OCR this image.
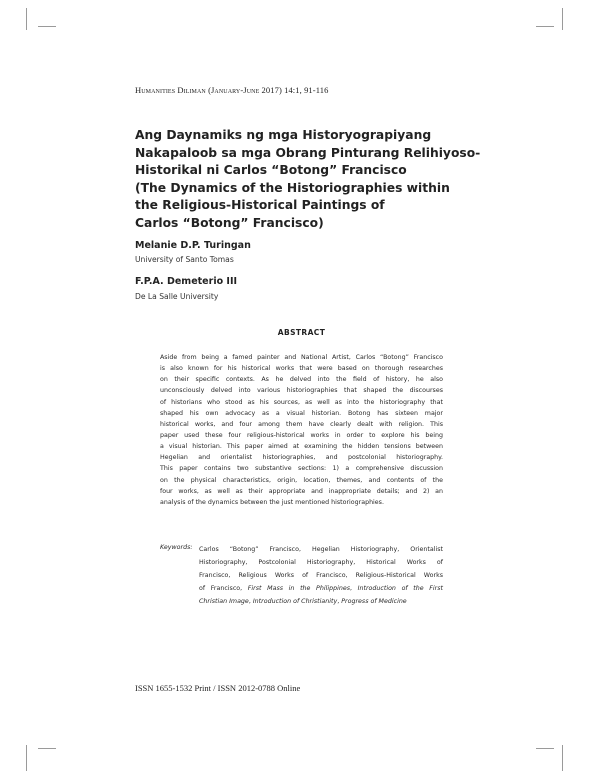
Humanities Diliman (January-June 2017) 14:1, 91-116
Ang Daynamiks ng mga Historyograpiyang
Nakapaloob sa mga Obrang Pinturang Relihiyoso-
Historikal ni Carlos “Botong” Francisco
(The Dynamics of the Historiographies within
the Religious-Historical Paintings of
Carlos “Botong” Francisco)
Melanie D.P. Turingan
University of Santo Tomas
F.P.A. Demeterio III
De La Salle University
ABSTRACT
Aside from being a famed painter and National Artist, Carlos “Botong” Francisco
is also known for his historical works that were based on thorough researches
on their specific contexts. As he delved into the field of history, he also
unconsciously delved into various historiographies that shaped the discourses
of historians who stood as his sources, as well as into the historiography that
shaped his own advocacy as a visual historian. Botong has sixteen major
historical works, and four among them have clearly dealt with religion. This
paper used these four religious-historical works in order to explore his being
a visual historian. This paper aimed at examining the hidden tensions between
Hegelian and orientalist historiographies, and postcolonial historiography.
This paper contains two substantive sections: 1) a comprehensive discussion
on the physical characteristics, origin, location, themes, and contents of the
four works, as well as their appropriate and inappropriate details; and 2) an
analysis of the dynamics between the just mentioned historiographies.
Keywords: Carlos “Botong” Francisco, Hegelian Historiography, Orientalist
Historiography, Postcolonial Historiography, Historical Works of
Francisco, Religious Works of Francisco, Religious-Historical Works
of Francisco, First Mass in the Philippines, Introduction of the First
Christian Image, Introduction of Christianity, Progress of Medicine
ISSN 1655-1532 Print / ISSN 2012-0788 Online
